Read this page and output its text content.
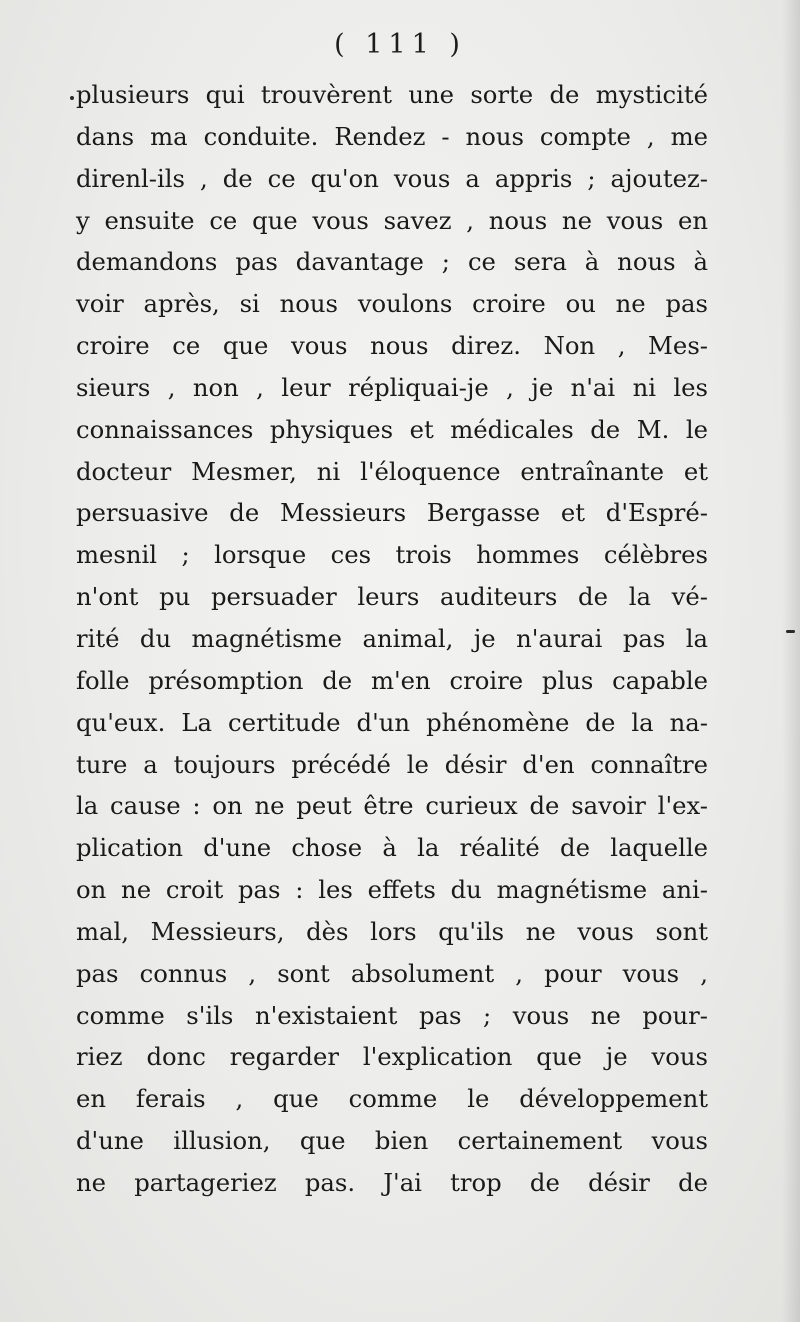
( 111 )
plusieurs qui trouvèrent une sorte de mysticité
dans ma conduite. Rendez - nous compte , me
direnl-ils , de ce qu'on vous a appris ; ajoutez-
y ensuite ce que vous savez , nous ne vous en
demandons pas davantage ; ce sera à nous à
voir après, si nous voulons croire ou ne pas
croire ce que vous nous direz. Non , Mes-
sieurs , non , leur répliquai-je , je n'ai ni les
connaissances physiques et médicales de M. le
docteur Mesmer, ni l'éloquence entraînante et
persuasive de Messieurs Bergasse et d'Espré-
mesnil ; lorsque ces trois hommes célèbres
n'ont pu persuader leurs auditeurs de la vé-
rité du magnétisme animal, je n'aurai pas la
folle présomption de m'en croire plus capable
qu'eux. La certitude d'un phénomène de la na-
ture a toujours précédé le désir d'en connaître
la cause : on ne peut être curieux de savoir l'ex-
plication d'une chose à la réalité de laquelle
on ne croit pas : les effets du magnétisme ani-
mal, Messieurs, dès lors qu'ils ne vous sont
pas connus , sont absolument , pour vous ,
comme s'ils n'existaient pas ; vous ne pour-
riez donc regarder l'explication que je vous
en ferais , que comme le développement
d'une illusion, que bien certainement vous
ne partageriez pas. J'ai trop de désir de
